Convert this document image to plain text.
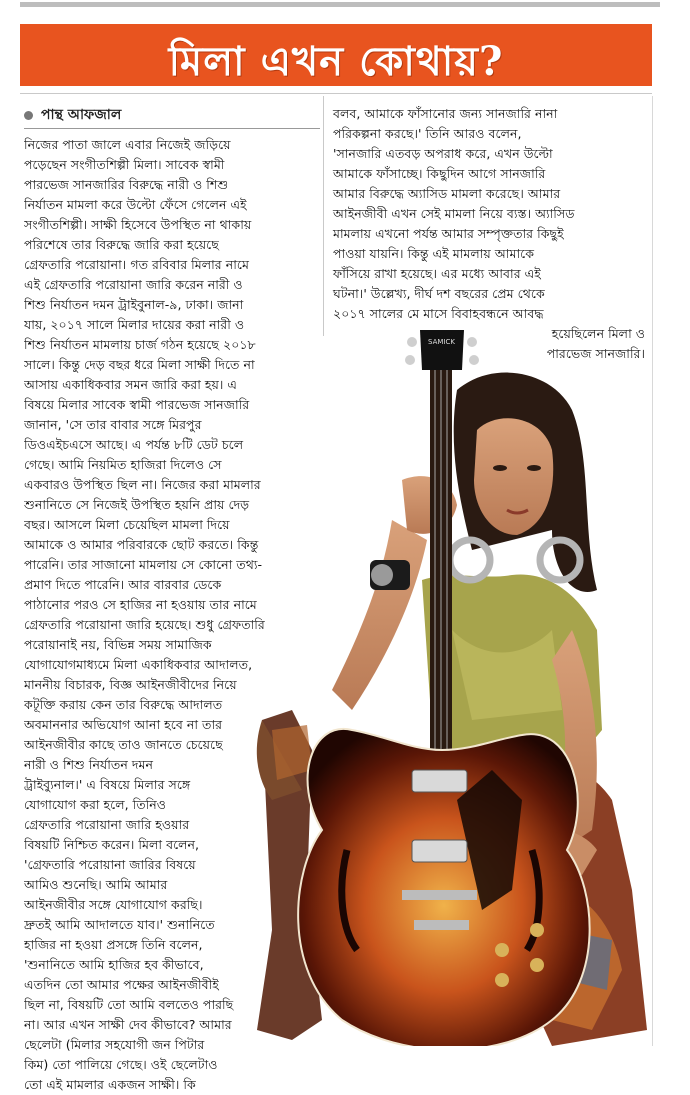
মিলা এখন কোথায়?
পান্থ আফজাল
নিজের পাতা জালে এবার নিজেই জড়িয়ে
পড়েছেন সংগীতশিল্পী মিলা। সাবেক স্বামী
পারভেজ সানজারির বিরুদ্ধে নারী ও শিশু
নির্যাতন মামলা করে উল্টো ফেঁসে গেলেন এই
সংগীতশিল্পী। সাক্ষী হিসেবে উপস্থিত না থাকায়
পরিশেষে তার বিরুদ্ধে জারি করা হয়েছে
গ্রেফতারি পরোয়ানা। গত রবিবার মিলার নামে
এই গ্রেফতারি পরোয়ানা জারি করেন নারী ও
শিশু নির্যাতন দমন ট্রাইবুনাল-৯, ঢাকা। জানা
যায়, ২০১৭ সালে মিলার দায়ের করা নারী ও
শিশু নির্যাতন মামলায় চার্জ গঠন হয়েছে ২০১৮
সালে। কিন্তু দেড় বছর ধরে মিলা সাক্ষী দিতে না
আসায় একাধিকবার সমন জারি করা হয়। এ
বিষয়ে মিলার সাবেক স্বামী পারভেজ সানজারি
জানান, 'সে তার বাবার সঙ্গে মিরপুর
ডিওএইচএসে আছে। এ পর্যন্ত ৮টি ডেট চলে
গেছে। আমি নিয়মিত হাজিরা দিলেও সে
একবারও উপস্থিত ছিল না। নিজের করা মামলার
শুনানিতে সে নিজেই উপস্থিত হয়নি প্রায় দেড়
বছর। আসলে মিলা চেয়েছিল মামলা দিয়ে
আমাকে ও আমার পরিবারকে ছোট করতে। কিন্তু
পারেনি। তার সাজানো মামলায় সে কোনো তথ্য-
প্রমাণ দিতে পারেনি। আর বারবার ডেকে
পাঠানোর পরও সে হাজির না হওয়ায় তার নামে
গ্রেফতারি পরোয়ানা জারি হয়েছে। শুধু গ্রেফতারি
পরোয়ানাই নয়, বিভিন্ন সময় সামাজিক
যোগাযোগমাধ্যমে মিলা একাধিকবার আদালত,
মাননীয় বিচারক, বিজ্ঞ আইনজীবীদের নিয়ে
কটূক্তি করায় কেন তার বিরুদ্ধে আদালত
অবমাননার অভিযোগ আনা হবে না তার
আইনজীবীর কাছে তাও জানতে চেয়েছে
নারী ও শিশু নির্যাতন দমন
ট্রাইব্যুনাল।' এ বিষয়ে মিলার সঙ্গে
যোগাযোগ করা হলে, তিনিও
গ্রেফতারি পরোয়ানা জারি হওয়ার
বিষয়টি নিশ্চিত করেন। মিলা বলেন,
'গ্রেফতারি পরোয়ানা জারির বিষয়ে
আমিও শুনেছি। আমি আমার
আইনজীবীর সঙ্গে যোগাযোগ করছি।
দ্রুতই আমি আদালতে যাব।' শুনানিতে
হাজির না হওয়া প্রসঙ্গে তিনি বলেন,
'শুনানিতে আমি হাজির হব কীভাবে,
এতদিন তো আমার পক্ষের আইনজীবীই
ছিল না, বিষয়টি তো আমি বলতেও পারছি
না। আর এখন সাক্ষী দেব কীভাবে? আমার
ছেলেটা (মিলার সহযোগী জন পিটার
কিম) তো পালিয়ে গেছে। ওই ছেলেটাও
তো এই মামলার একজন সাক্ষী। কি
বলব, আমাকে ফাঁসানোর জন্য সানজারি নানা
পরিকল্পনা করছে।' তিনি আরও বলেন,
'সানজারি এতবড় অপরাধ করে, এখন উল্টো
আমাকে ফাঁসাচ্ছে। কিছুদিন আগে সানজারি
আমার বিরুদ্ধে অ্যাসিড মামলা করেছে। আমার
আইনজীবী এখন সেই মামলা নিয়ে ব্যস্ত। অ্যাসিড
মামলায় এখনো পর্যন্ত আমার সম্পৃক্ততার কিছুই
পাওয়া যায়নি। কিন্তু এই মামলায় আমাকে
ফাঁসিয়ে রাখা হয়েছে। এর মধ্যে আবার এই
ঘটনা।' উল্লেখ্য, দীর্ঘ দশ বছরের প্রেম থেকে
২০১৭ সালের মে মাসে বিবাহবন্ধনে আবদ্ধ
হয়েছিলেন মিলা ও
পারভেজ সানজারি।
SAMICK
